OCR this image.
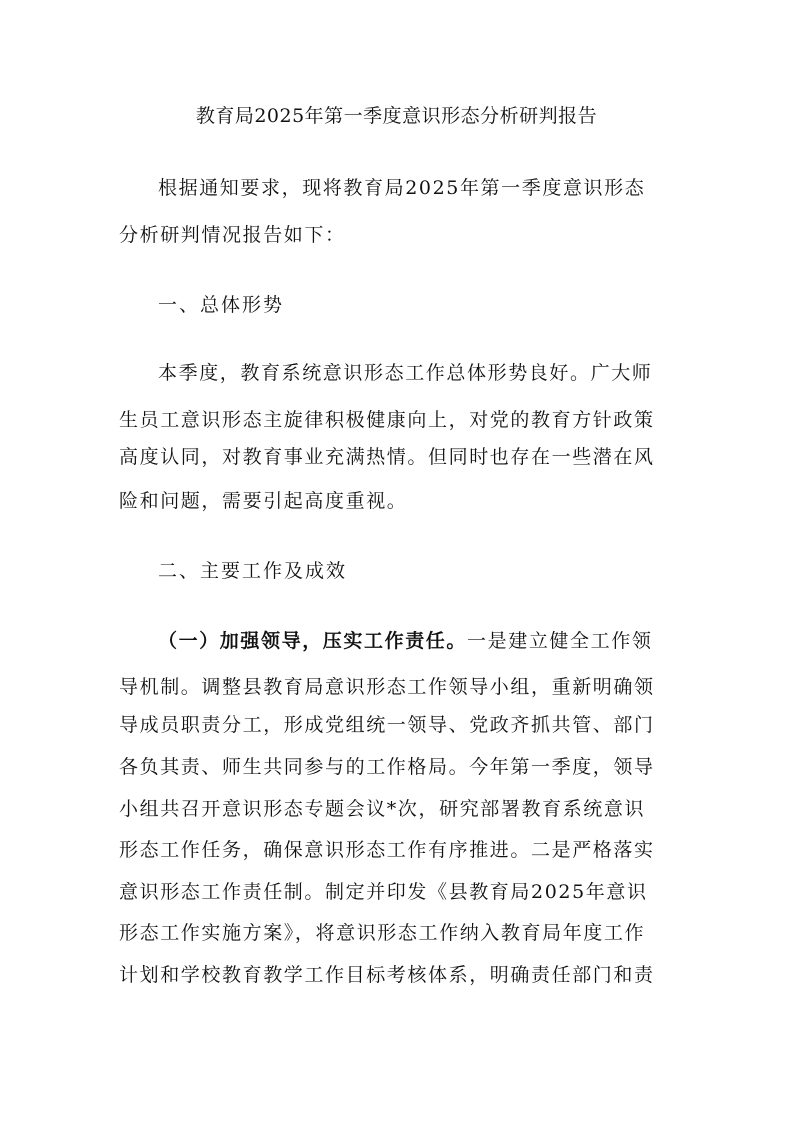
教育局2025年第一季度意识形态分析研判报告
根据通知要求，现将教育局2025年第一季度意识形态
分析研判情况报告如下：
一、总体形势
本季度，教育系统意识形态工作总体形势良好。广大师
生员工意识形态主旋律积极健康向上，对党的教育方针政策
高度认同，对教育事业充满热情。但同时也存在一些潜在风
险和问题，需要引起高度重视。
二、主要工作及成效
（一）加强领导，压实工作责任。一是建立健全工作领
导机制。调整县教育局意识形态工作领导小组，重新明确领
导成员职责分工，形成党组统一领导、党政齐抓共管、部门
各负其责、师生共同参与的工作格局。今年第一季度，领导
小组共召开意识形态专题会议*次，研究部署教育系统意识
形态工作任务，确保意识形态工作有序推进。二是严格落实
意识形态工作责任制。制定并印发《县教育局2025年意识
形态工作实施方案》，将意识形态工作纳入教育局年度工作
计划和学校教育教学工作目标考核体系，明确责任部门和责
